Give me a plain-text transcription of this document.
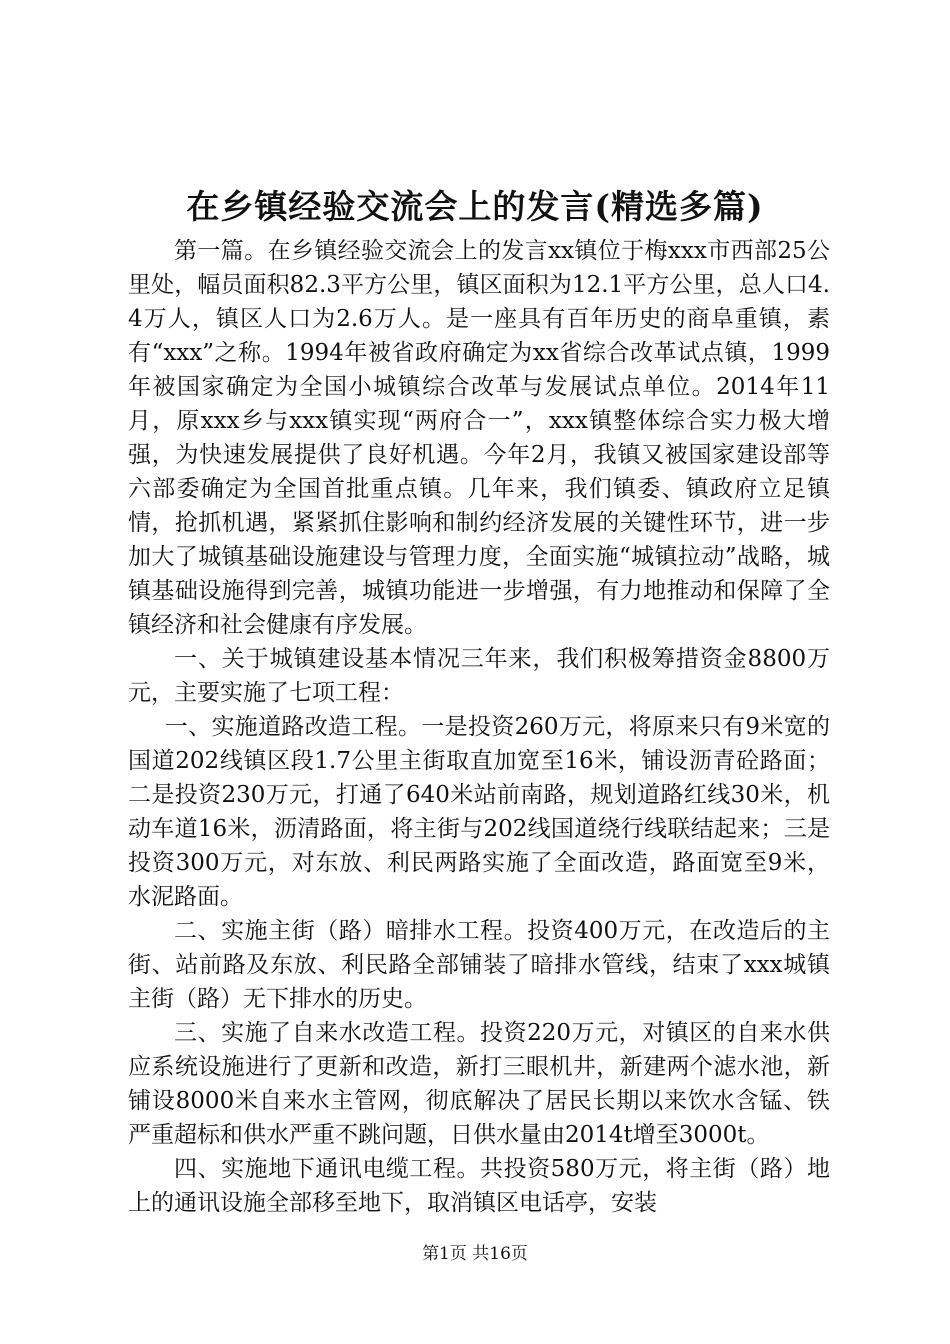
在乡镇经验交流会上的发言(精选多篇)

第一篇。在乡镇经验交流会上的发言xx镇位于梅xxx市西部25公里处，幅员面积82.3平方公里，镇区面积为12.1平方公里，总人口4.4万人，镇区人口为2.6万人。是一座具有百年历史的商阜重镇，素有“xxx”之称。1994年被省政府确定为xx省综合改革试点镇，1999年被国家确定为全国小城镇综合改革与发展试点单位。2014年11月，原xxx乡与xxx镇实现“两府合一”，xxx镇整体综合实力极大增强，为快速发展提供了良好机遇。今年2月，我镇又被国家建设部等六部委确定为全国首批重点镇。几年来，我们镇委、镇政府立足镇情，抢抓机遇，紧紧抓住影响和制约经济发展的关键性环节，进一步加大了城镇基础设施建设与管理力度，全面实施“城镇拉动”战略，城镇基础设施得到完善，城镇功能进一步增强，有力地推动和保障了全镇经济和社会健康有序发展。

一、关于城镇建设基本情况三年来，我们积极筹措资金8800万元，主要实施了七项工程：

一、实施道路改造工程。一是投资260万元，将原来只有9米宽的国道202线镇区段1.7公里主街取直加宽至16米，铺设沥青砼路面；二是投资230万元，打通了640米站前南路，规划道路红线30米，机动车道16米，沥清路面，将主街与202线国道绕行线联结起来；三是投资300万元，对东放、利民两路实施了全面改造，路面宽至9米，水泥路面。

二、实施主街（路）暗排水工程。投资400万元，在改造后的主街、站前路及东放、利民路全部铺装了暗排水管线，结束了xxx城镇主街（路）无下排水的历史。

三、实施了自来水改造工程。投资220万元，对镇区的自来水供应系统设施进行了更新和改造，新打三眼机井，新建两个滤水池，新铺设8000米自来水主管网，彻底解决了居民长期以来饮水含锰、铁严重超标和供水严重不跳问题，日供水量由2014t增至3000t。

四、实施地下通讯电缆工程。共投资580万元，将主街（路）地上的通讯设施全部移至地下，取消镇区电话亭，安装

第1页 共16页
